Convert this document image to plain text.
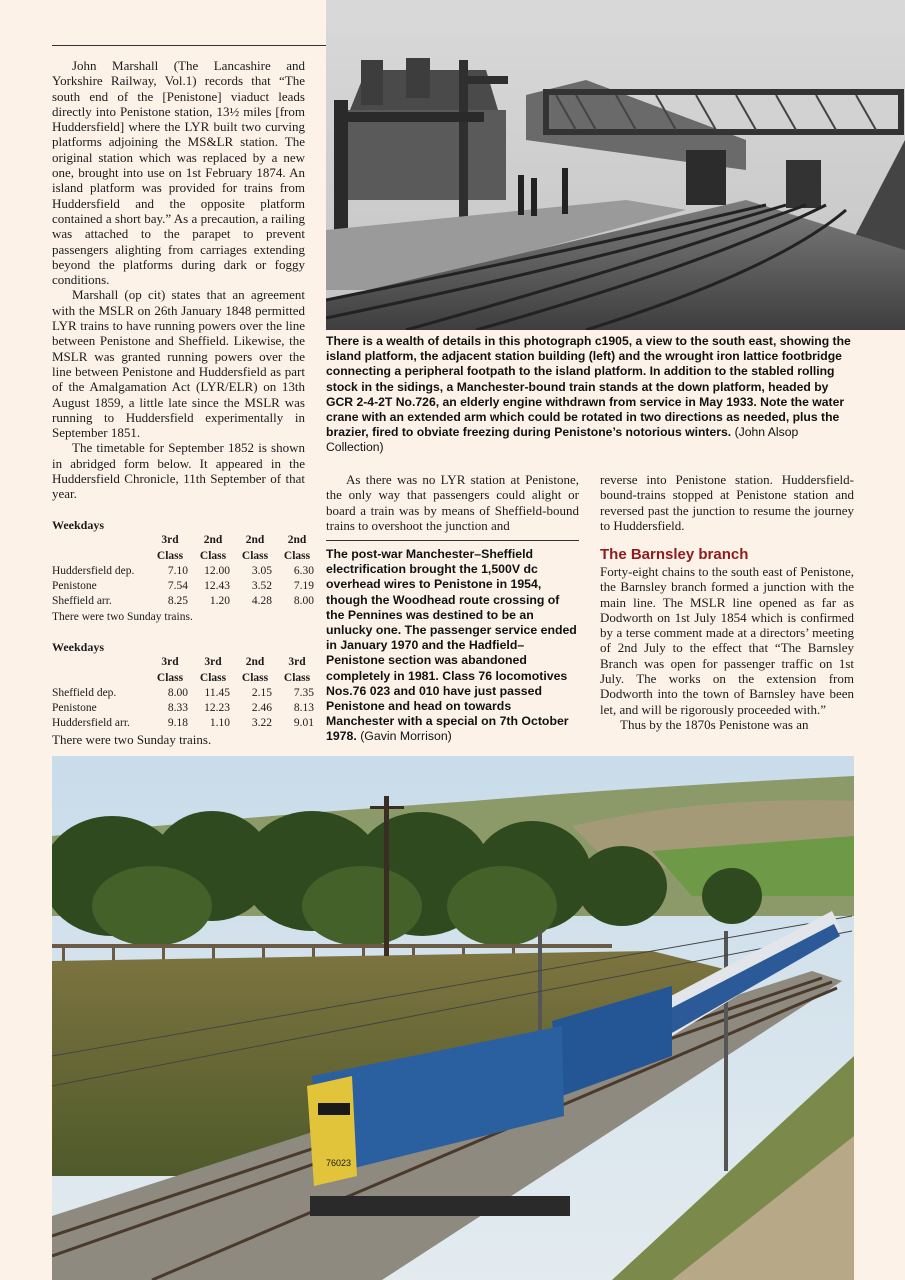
John Marshall (The Lancashire and Yorkshire Railway, Vol.1) records that “The south end of the [Penistone] viaduct leads directly into Penistone station, 13½ miles [from Huddersfield] where the LYR built two curving platforms adjoining the MS&LR station. The original station which was replaced by a new one, brought into use on 1st February 1874. An island platform was provided for trains from Huddersfield and the opposite platform contained a short bay.” As a precaution, a railing was attached to the parapet to prevent passengers alighting from carriages extending beyond the platforms during dark or foggy conditions.

Marshall (op cit) states that an agreement with the MSLR on 26th January 1848 permitted LYR trains to have running powers over the line between Penistone and Sheffield. Likewise, the MSLR was granted running powers over the line between Penistone and Huddersfield as part of the Amalgamation Act (LYR/ELR) on 13th August 1859, a little late since the MSLR was running to Huddersfield experimentally in September 1851.

The timetable for September 1852 is shown in abridged form below. It appeared in the Huddersfield Chronicle, 11th September of that year.

Weekdays
	3rd	2nd	2nd	2nd
	Class	Class	Class	Class
Huddersfield dep.	7.10	12.00	3.05	6.30
Penistone	7.54	12.43	3.52	7.19
Sheffield arr.	8.25	1.20	4.28	8.00
There were two Sunday trains.
Weekdays
	3rd	3rd	2nd	3rd
	Class	Class	Class	Class
Sheffield dep.	8.00	11.45	2.15	7.35
Penistone	8.33	12.23	2.46	8.13
Huddersfield arr.	9.18	1.10	3.22	9.01
There were two Sunday trains.
There is a wealth of details in this photograph c1905, a view to the south east, showing the island platform, the adjacent station building (left) and the wrought iron lattice footbridge connecting a peripheral footpath to the island platform. In addition to the stabled rolling stock in the sidings, a Manchester-bound train stands at the down platform, headed by GCR 2-4-2T No.726, an elderly engine withdrawn from service in May 1933. Note the water crane with an extended arm which could be rotated in two directions as needed, plus the brazier, fired to obviate freezing during Penistone’s notorious winters. (John Alsop Collection)

As there was no LYR station at Penistone, the only way that passengers could alight or board a train was by means of Sheffield-bound trains to overshoot the junction and

The post-war Manchester–Sheffield electrification brought the 1,500V dc overhead wires to Penistone in 1954, though the Woodhead route crossing of the Pennines was destined to be an unlucky one. The passenger service ended in January 1970 and the Hadfield–Penistone section was abandoned completely in 1981. Class 76 locomotives Nos.76 023 and 010 have just passed Penistone and head on towards Manchester with a special on 7th October 1978. (Gavin Morrison)

reverse into Penistone station. Huddersfield-bound-trains stopped at Penistone station and reversed past the junction to resume the journey to Huddersfield.

The Barnsley branch

Forty-eight chains to the south east of Penistone, the Barnsley branch formed a junction with the main line. The MSLR line opened as far as Dodworth on 1st July 1854 which is confirmed by a terse comment made at a directors’ meeting of 2nd July to the effect that “The Barnsley Branch was open for passenger traffic on 1st July. The works on the extension from Dodworth into the town of Barnsley have been let, and will be rigorously proceeded with.”

Thus by the 1870s Penistone was an

76023
